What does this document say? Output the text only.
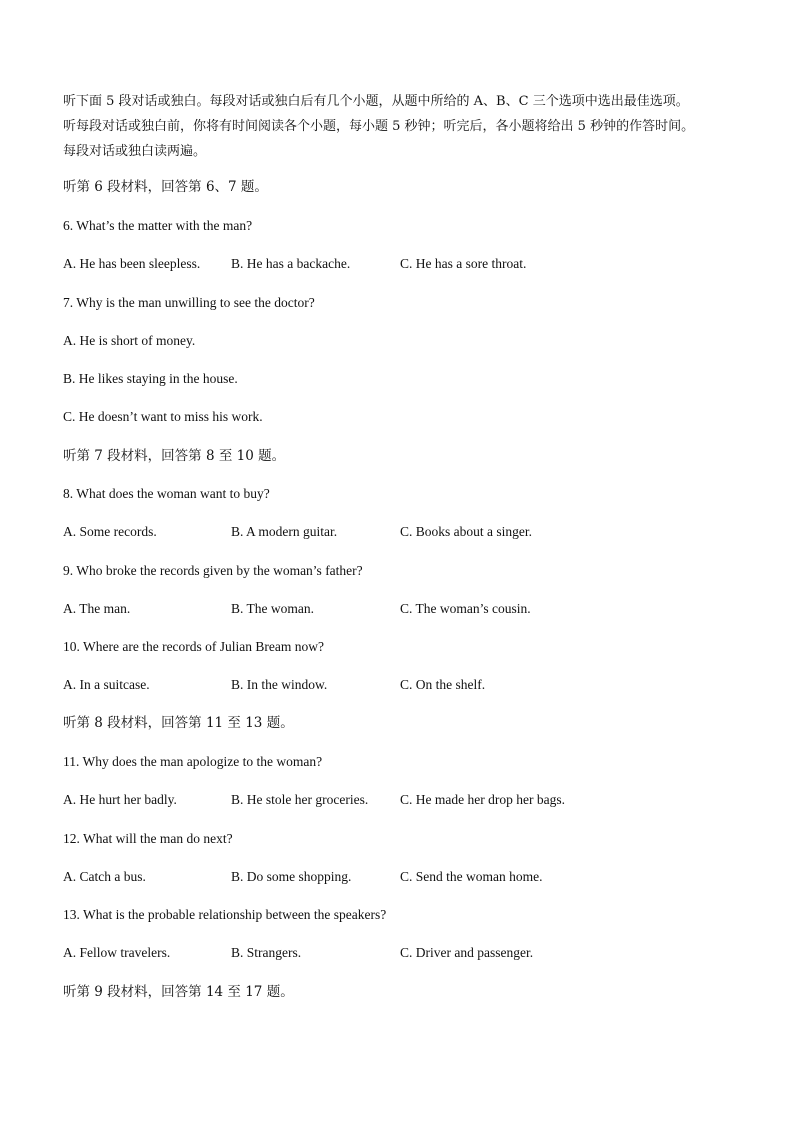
听下面 5 段对话或独白。每段对话或独白后有几个小题，从题中所给的 A、B、C 三个选项中选出最佳选项。

听每段对话或独白前，你将有时间阅读各个小题，每小题 5 秒钟；听完后，各小题将给出 5 秒钟的作答时间。

每段对话或独白读两遍。

听第 6 段材料，回答第 6、7 题。
6. What’s the matter with the man?
A. He has been sleepless. B. He has a backache.	C. He has a sore throat.
7. Why is the man unwilling to see the doctor?
A. He is short of money.
B. He likes staying in the house.
C. He doesn’t want to miss his work.
听第 7 段材料，回答第 8 至 10 题。
8. What does the woman want to buy?
A. Some records.	B. A modern guitar.	C. Books about a singer.
9. Who broke the records given by the woman’s father?
A. The man.	B. The woman.	C. The woman’s cousin.
10. Where are the records of Julian Bream now?
A. In a suitcase.	B. In the window.	C. On the shelf.
听第 8 段材料，回答第 11 至 13 题。
11. Why does the man apologize to the woman?
A. He hurt her badly.	B. He stole her groceries. C. He made her drop her bags.
12. What will the man do next?
A. Catch a bus.	B. Do some shopping.	C. Send the woman home.
13. What is the probable relationship between the speakers?
A. Fellow travelers.	B. Strangers.	C. Driver and passenger.
听第 9 段材料，回答第 14 至 17 题。
